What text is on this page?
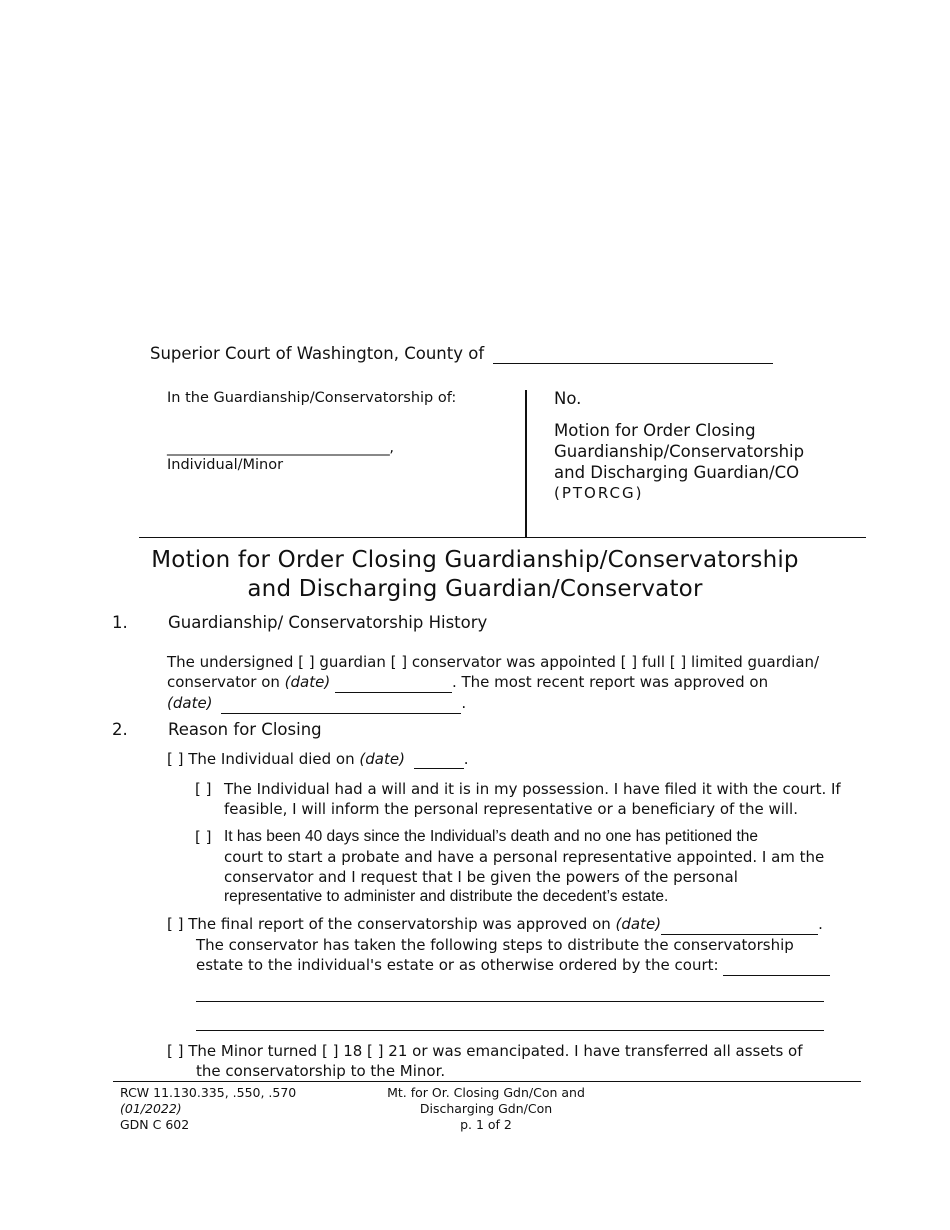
Superior Court of Washington, County of
In the Guardianship/Conservatorship of:
________________________________,
Individual/Minor
No.
Motion for Order Closing
Guardianship/Conservatorship
and Discharging Guardian/CO
(PTORCG)
Motion for Order Closing Guardianship/Conservatorship
and Discharging Guardian/Conservator
1. Guardianship/ Conservatorship History
The undersigned [ ] guardian [ ] conservator was appointed [ ] full [ ] limited guardian/
conservator on (date)	. The most recent report was approved on
(date)	.
2. Reason for Closing
[ ] The Individual died on (date)	.
[ ] The Individual had a will and it is in my possession. I have filed it with the court. If
feasible, I will inform the personal representative or a beneficiary of the will.
[ ] It has been 40 days since the Individual’s death and no one has petitioned the
court to start a probate and have a personal representative appointed. I am the
conservator and I request that I be given the powers of the personal
representative to administer and distribute the decedent’s estate.
[ ] The final report of the conservatorship was approved on (date)	.
The conservator has taken the following steps to distribute the conservatorship
estate to the individual's estate or as otherwise ordered by the court:
[ ] The Minor turned [ ] 18 [ ] 21 or was emancipated. I have transferred all assets of
the conservatorship to the Minor.
RCW 11.130.335, .550, .570
(01/2022)
GDN C 602
Mt. for Or. Closing Gdn/Con and
Discharging Gdn/Con
p. 1 of 2
